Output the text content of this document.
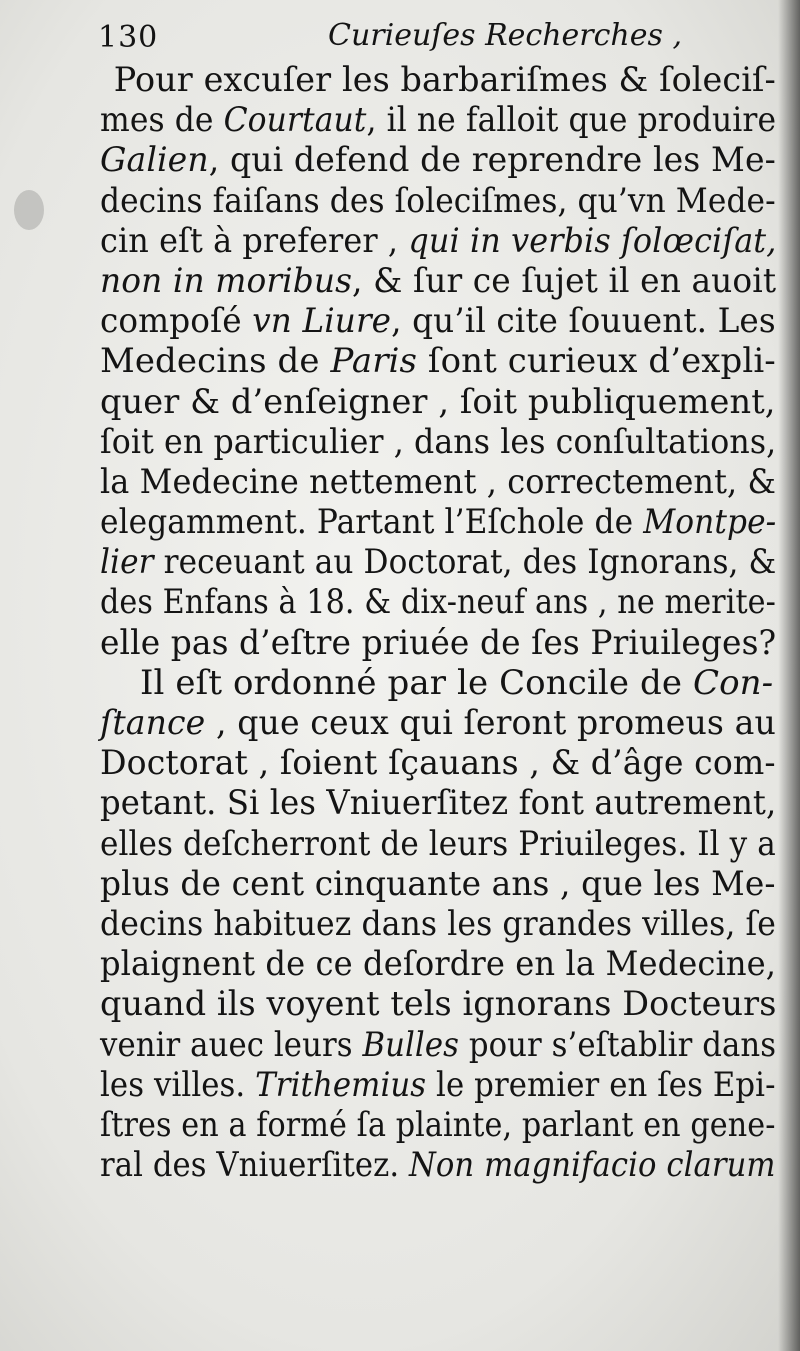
130	Curieuſes Recherches ,
Pour excuſer les barbariſmes & ſoleciſ-
mes de Courtaut, il ne falloit que produire
Galien, qui defend de reprendre les Me-
decins faiſans des ſoleciſmes, qu’vn Mede-
cin eſt à preferer , qui in verbis ſolœciſat,
non in moribus, & ſur ce ſujet il en auoit
compoſé vn Liure, qu’il cite ſouuent. Les
Medecins de Paris ſont curieux d’expli-
quer & d’enſeigner , ſoit publiquement,
ſoit en particulier , dans les conſultations,
la Medecine nettement , correctement, &
elegamment. Partant l’Eſchole de Montpe-
lier receuant au Doctorat, des Ignorans, &
des Enfans à 18. & dix-neuf ans , ne merite-
elle pas d’eſtre priuée de ſes Priuileges?
Il eſt ordonné par le Concile de Con-
ſtance , que ceux qui ſeront promeus au
Doctorat , ſoient ſçauans , & d’âge com-
petant. Si les Vniuerſitez font autrement,
elles deſcherront de leurs Priuileges. Il y a
plus de cent cinquante ans , que les Me-
decins habituez dans les grandes villes, ſe
plaignent de ce deſordre en la Medecine,
quand ils voyent tels ignorans Docteurs
venir auec leurs Bulles pour s’eſtablir dans
les villes. Trithemius le premier en ſes Epi-
ſtres en a formé ſa plainte, parlant en gene-
ral des Vniuerſitez. Non magnifacio clarum
